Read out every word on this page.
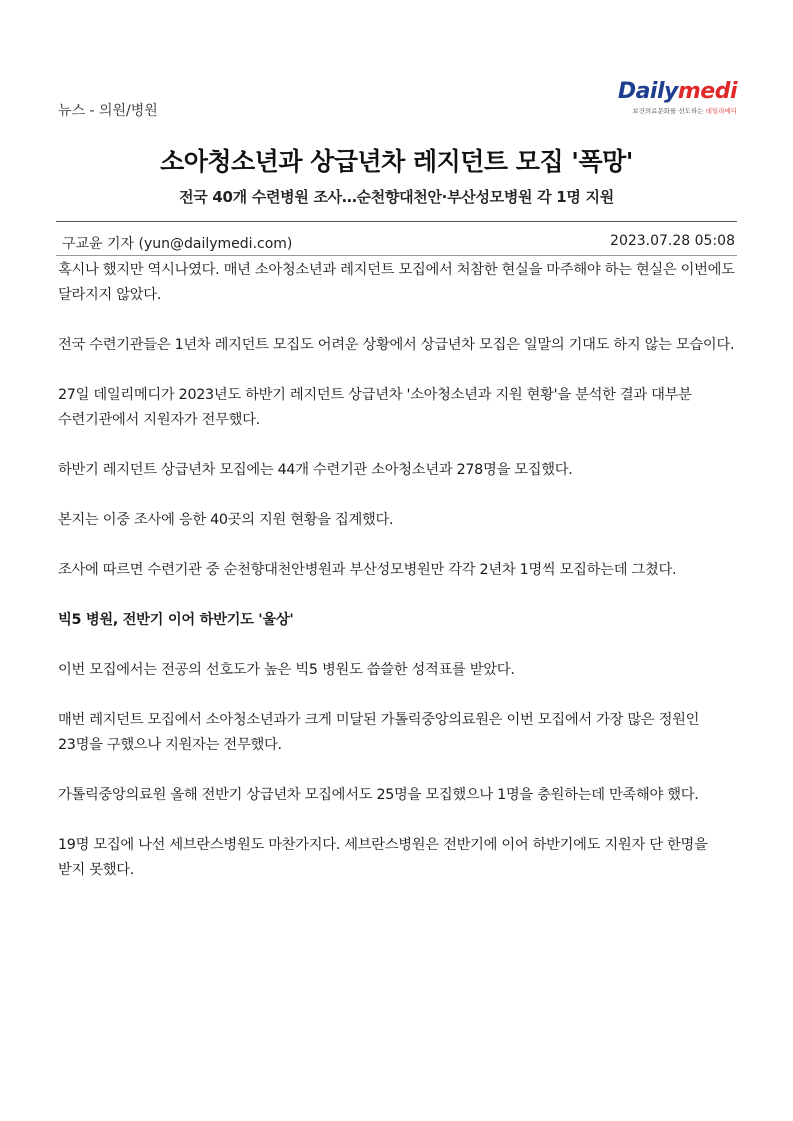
뉴스 - 의원/병원
Dailymedi
보건의료문화를 선도하는 데일리메디
소아청소년과 상급년차 레지던트 모집 '폭망'
전국 40개 수련병원 조사…순천향대천안·부산성모병원 각 1명 지원
구교윤 기자 (yun@dailymedi.com)	2023.07.28 05:08

혹시나 했지만 역시나였다. 매년 소아청소년과 레지던트 모집에서 처참한 현실을 마주해야 하는 현실은 이번에도 달라지지 않았다.

전국 수련기관들은 1년차 레지던트 모집도 어려운 상황에서 상급년차 모집은 일말의 기대도 하지 않는 모습이다.

27일 데일리메디가 2023년도 하반기 레지던트 상급년차 '소아청소년과 지원 현황'을 분석한 결과 대부분 수련기관에서 지원자가 전무했다.

하반기 레지던트 상급년차 모집에는 44개 수련기관 소아청소년과 278명을 모집했다.

본지는 이중 조사에 응한 40곳의 지원 현황을 집계했다.

조사에 따르면 수련기관 중 순천향대천안병원과 부산성모병원만 각각 2년차 1명씩 모집하는데 그쳤다.

빅5 병원, 전반기 이어 하반기도 '울상'

이번 모집에서는 전공의 선호도가 높은 빅5 병원도 씁쓸한 성적표를 받았다.

매번 레지던트 모집에서 소아청소년과가 크게 미달된 가톨릭중앙의료원은 이번 모집에서 가장 많은 정원인 23명을 구했으나 지원자는 전무했다.

가톨릭중앙의료원 올해 전반기 상급년차 모집에서도 25명을 모집했으나 1명을 충원하는데 만족해야 했다.

19명 모집에 나선 세브란스병원도 마찬가지다. 세브란스병원은 전반기에 이어 하반기에도 지원자 단 한명을 받지 못했다.
